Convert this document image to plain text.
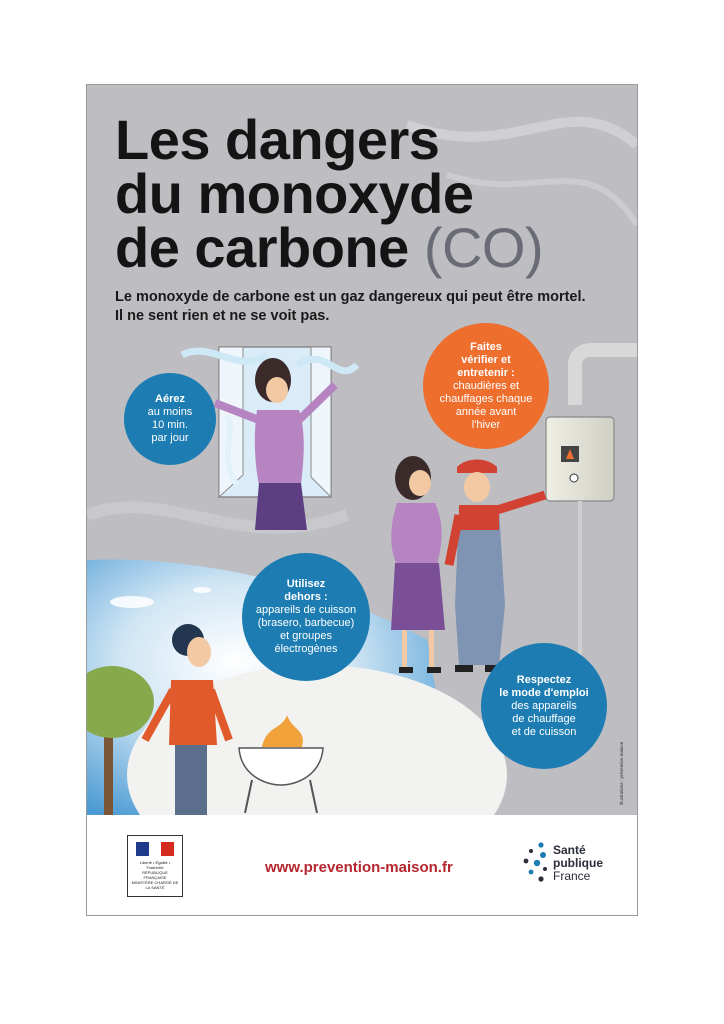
Illustrations : prévention maison
Les dangers
du monoxyde
de carbone (CO)
Le monoxyde de carbone est un gaz dangereux qui peut être mortel.
Il ne sent rien et ne se voit pas.
Aérez
au moins
10 min.
par jour
Faites
vérifier et
entretenir :
chaudières et
chauffages chaque
année avant
l'hiver
Utilisez
dehors :
appareils de cuisson
(brasero, barbecue)
et groupes
électrogènes
Respectez
le mode d'emploi
des appareils
de chauffage
et de cuisson
Liberté • Égalité • Fraternité
RÉPUBLIQUE FRANÇAISE
MINISTÈRE CHARGÉ DE LA SANTÉ
www.prevention-maison.fr
Santé
publique
France
